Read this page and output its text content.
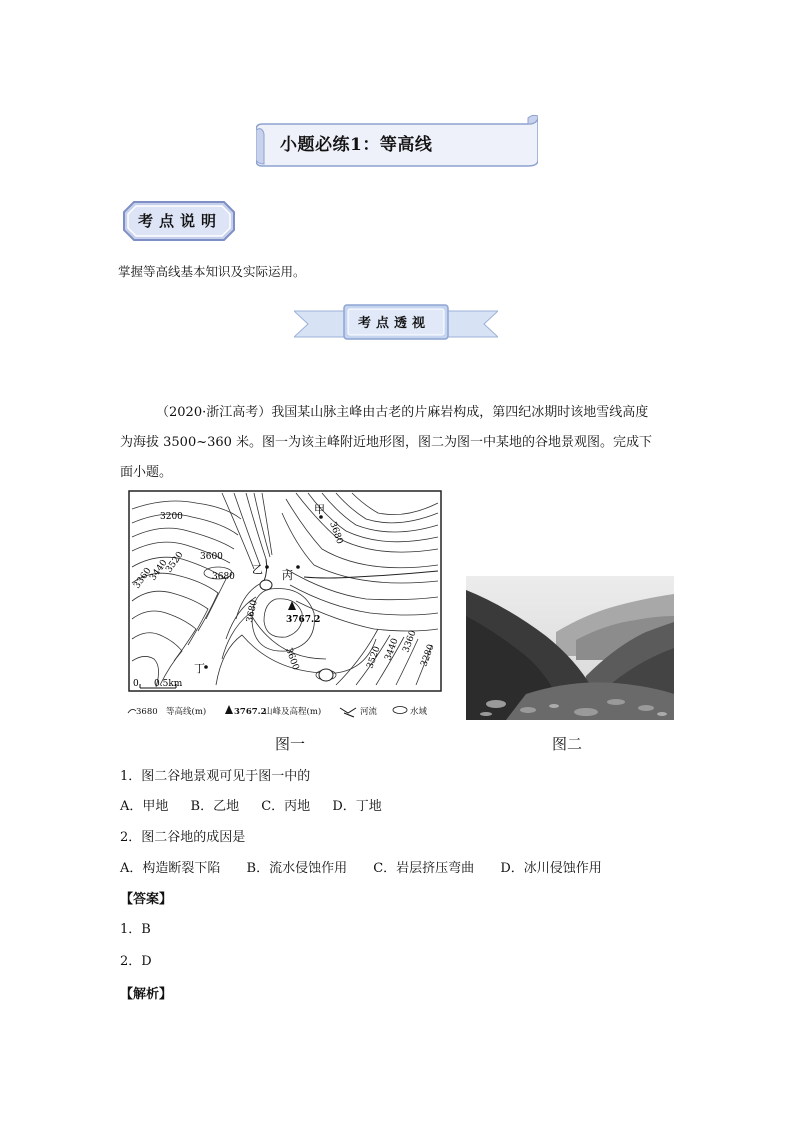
小题必练1：等高线
考点说明
掌握等高线基本知识及实际运用。
考点透视

（2020·浙江高考）我国某山脉主峰由古老的片麻岩构成，第四纪冰期时该地雪线高度

为海拔 3500~360 米。图一为该主峰附近地形图，图二为图一中某地的谷地景观图。完成下

面小题。

3200
3680
3600
3680
3360
3440
3520
3680
3600	3520 3440 3360
3280
3767.2
甲
乙 丙
丁
0 0.5km
3680 等高线(m)	3767.2
山峰及高程(m)	河流	水域
图一	图二
1．图二谷地景观可见于图一中的
A．甲地 B．乙地 C．丙地 D．丁地
2．图二谷地的成因是
A．构造断裂下陷 B．流水侵蚀作用 C．岩层挤压弯曲 D．冰川侵蚀作用
【答案】
1．B
2．D
【解析】
